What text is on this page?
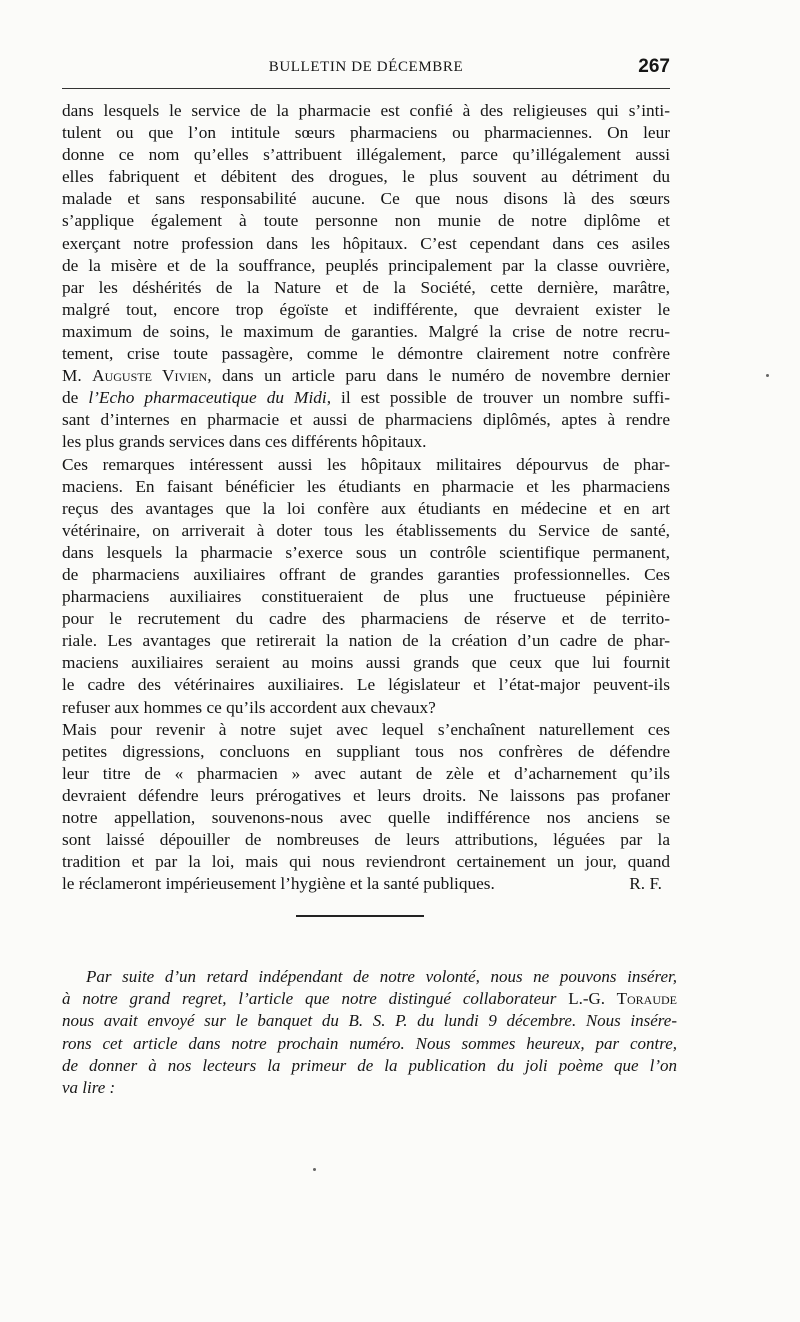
BULLETIN DE DÉCEMBRE	267
dans lesquels le service de la pharmacie est confié à des religieuses qui s’inti-
tulent ou que l’on intitule sœurs pharmaciens ou pharmaciennes. On leur
donne ce nom qu’elles s’attribuent illégalement, parce qu’illégalement aussi
elles fabriquent et débitent des drogues, le plus souvent au détriment du
malade et sans responsabilité aucune. Ce que nous disons là des sœurs
s’applique également à toute personne non munie de notre diplôme et
exerçant notre profession dans les hôpitaux. C’est cependant dans ces asiles
de la misère et de la souffrance, peuplés principalement par la classe ouvrière,
par les déshérités de la Nature et de la Société, cette dernière, marâtre,
malgré tout, encore trop égoïste et indifférente, que devraient exister le
maximum de soins, le maximum de garanties. Malgré la crise de notre recru-
tement, crise toute passagère, comme le démontre clairement notre confrère
M. Auguste Vivien, dans un article paru dans le numéro de novembre dernier
de l’Echo pharmaceutique du Midi, il est possible de trouver un nombre suffi-
sant d’internes en pharmacie et aussi de pharmaciens diplômés, aptes à rendre
les plus grands services dans ces différents hôpitaux.
Ces remarques intéressent aussi les hôpitaux militaires dépourvus de phar-
maciens. En faisant bénéficier les étudiants en pharmacie et les pharmaciens
reçus des avantages que la loi confère aux étudiants en médecine et en art
vétérinaire, on arriverait à doter tous les établissements du Service de santé,
dans lesquels la pharmacie s’exerce sous un contrôle scientifique permanent,
de pharmaciens auxiliaires offrant de grandes garanties professionnelles. Ces
pharmaciens auxiliaires constitueraient de plus une fructueuse pépinière
pour le recrutement du cadre des pharmaciens de réserve et de territo-
riale. Les avantages que retirerait la nation de la création d’un cadre de phar-
maciens auxiliaires seraient au moins aussi grands que ceux que lui fournit
le cadre des vétérinaires auxiliaires. Le législateur et l’état-major peuvent-ils
refuser aux hommes ce qu’ils accordent aux chevaux?
Mais pour revenir à notre sujet avec lequel s’enchaînent naturellement ces
petites digressions, concluons en suppliant tous nos confrères de défendre
leur titre de « pharmacien » avec autant de zèle et d’acharnement qu’ils
devraient défendre leurs prérogatives et leurs droits. Ne laissons pas profaner
notre appellation, souvenons-nous avec quelle indifférence nos anciens se
sont laissé dépouiller de nombreuses de leurs attributions, léguées par la
tradition et par la loi, mais qui nous reviendront certainement un jour, quand
le réclameront impérieusement l’hygiène et la santé publiques.	R. F.
Par suite d’un retard indépendant de notre volonté, nous ne pouvons insérer,
à notre grand regret, l’article que notre distingué collaborateur L.-G. Toraude
nous avait envoyé sur le banquet du B. S. P. du lundi 9 décembre. Nous insére-
rons cet article dans notre prochain numéro. Nous sommes heureux, par contre,
de donner à nos lecteurs la primeur de la publication du joli poème que l’on
va lire :
